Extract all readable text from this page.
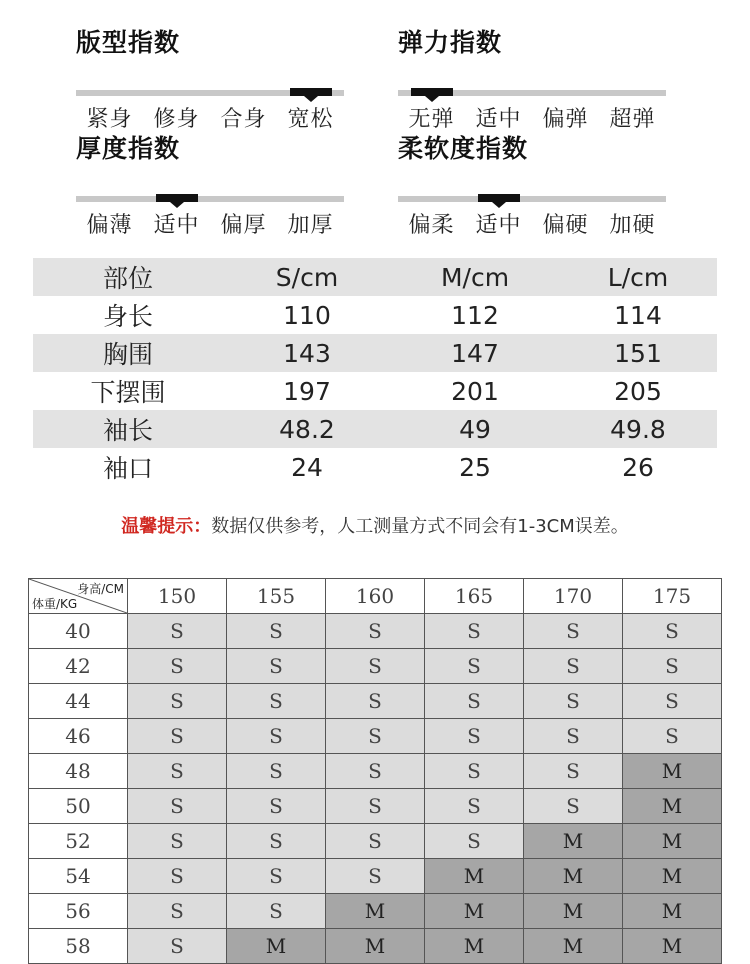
版型指数
紧身 修身 合身 宽松
弹力指数
无弹 适中 偏弹 超弹
厚度指数
偏薄 适中 偏厚 加厚
柔软度指数
偏柔 适中 偏硬 加硬
部位	S/cm	M/cm	L/cm
身长	110	112	114
胸围	143	147	151
下摆围	197	201	205
袖长	48.2	49	49.8
袖口	24	25	26
温馨提示：数据仅供参考，人工测量方式不同会有1-3CM误差。
身高/CM
体重/KG	150	155	160	165	170	175
40	S	S	S	S	S	S
42	S	S	S	S	S	S
44	S	S	S	S	S	S
46	S	S	S	S	S	S
48	S	S	S	S	S	M
50	S	S	S	S	S	M
52	S	S	S	S	M	M
54	S	S	S	M	M	M
56	S	S	M	M	M	M
58	S	M	M	M	M	M
